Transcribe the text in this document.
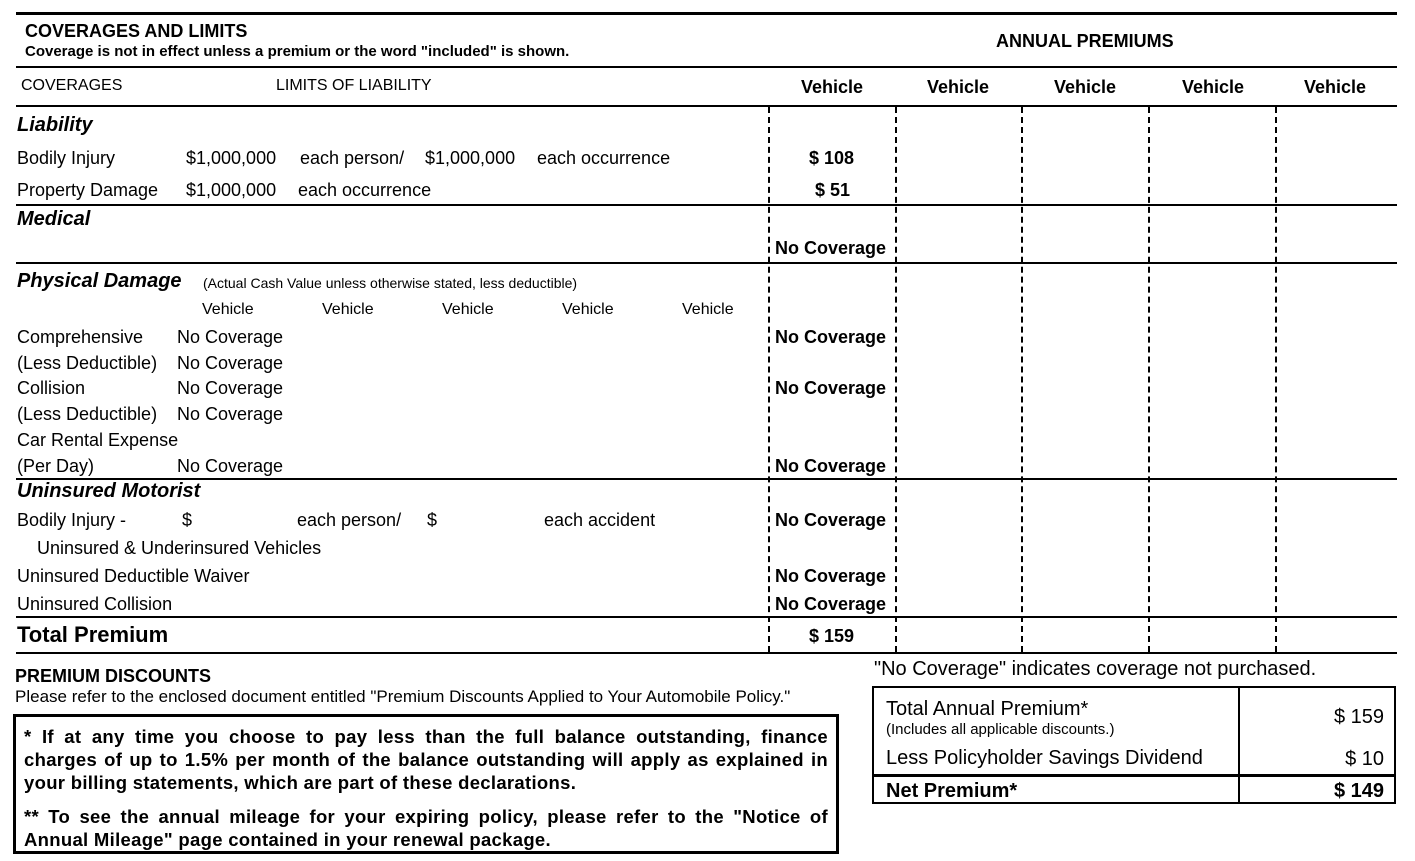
COVERAGES AND LIMITS
Coverage is not in effect unless a premium or the word "included" is shown.
ANNUAL PREMIUMS
COVERAGES	LIMITS OF LIABILITY	Vehicle	Vehicle	Vehicle	Vehicle	Vehicle
Liability
Bodily Injury	$1,000,000 each person/ $1,000,000 each occurrence	$ 108
Property Damage $1,000,000 each occurrence	$ 51
Medical
No Coverage
Physical Damage (Actual Cash Value unless otherwise stated, less deductible)
Vehicle	Vehicle	Vehicle	Vehicle	Vehicle
Comprehensive No Coverage	No Coverage
(Less Deductible) No Coverage
Collision	No Coverage	No Coverage
(Less Deductible) No Coverage
Car Rental Expense
(Per Day)	No Coverage	No Coverage
Uninsured Motorist
Bodily Injury -	$	each person/ $	each accident	No Coverage
Uninsured & Underinsured Vehicles
Uninsured Deductible Waiver	No Coverage
Uninsured Collision	No Coverage
Total Premium	$ 159
PREMIUM DISCOUNTS
Please refer to the enclosed document entitled "Premium Discounts Applied to Your Automobile Policy."
"No Coverage" indicates coverage not purchased.

* If at any time you choose to pay less than the full balance outstanding, finance charges of up to 1.5% per month of the balance outstanding will apply as explained in your billing statements, which are part of these declarations.

** To see the annual mileage for your expiring policy, please refer to the "Notice of Annual Mileage" page contained in your renewal package.

Total Annual Premium*
(Includes all applicable discounts.)
$ 159
Less Policyholder Savings Dividend	$ 10
Net Premium*	$ 149
